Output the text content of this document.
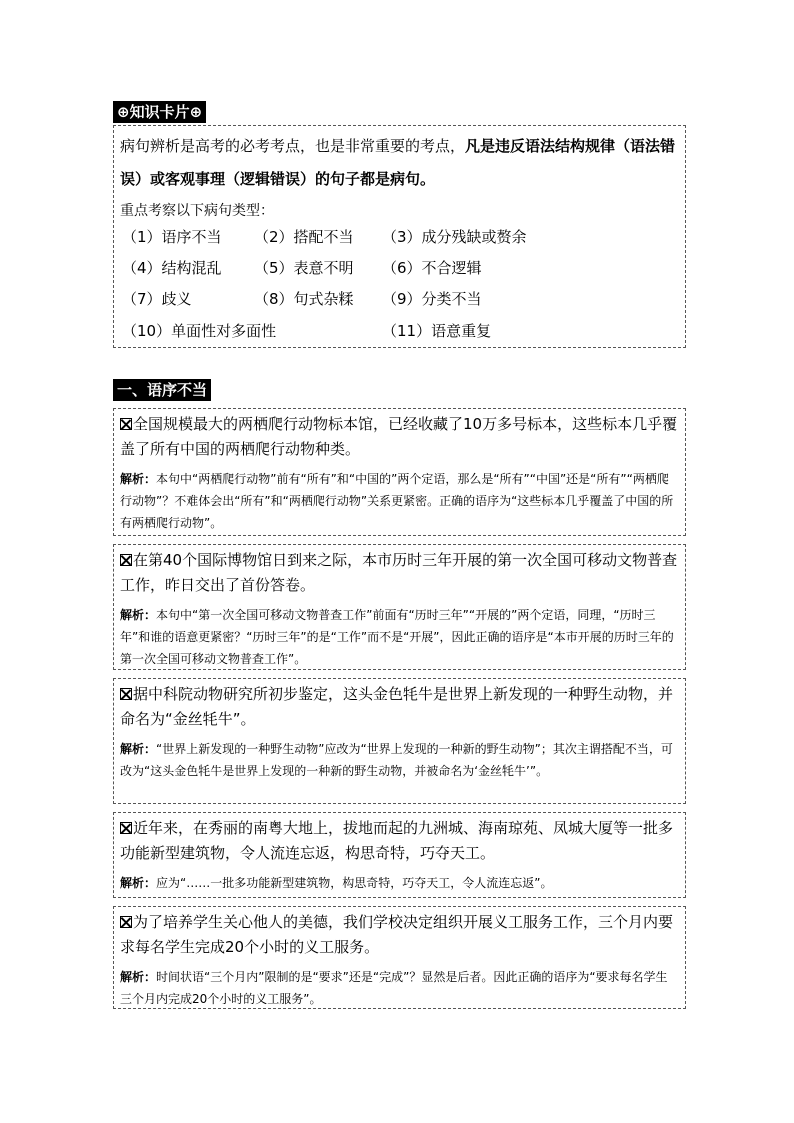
⊕知识卡片⊕
病句辨析是高考的必考考点，也是非常重要的考点，凡是违反语法结构规律（语法错误）或客观事理（逻辑错误）的句子都是病句。
重点考察以下病句类型：
（1）语序不当 （2）搭配不当 （3）成分残缺或赘余
（4）结构混乱 （5）表意不明 （6）不合逻辑
（7）歧义	（8）句式杂糅 （9）分类不当
（10）单面性对多面性	（11）语意重复
一、语序不当
全国规模最大的两栖爬行动物标本馆，已经收藏了10万多号标本，这些标本几乎覆盖了所有中国的两栖爬行动物种类。
解析：本句中“两栖爬行动物”前有“所有”和“中国的”两个定语，那么是“所有”“中国”还是“所有”“两栖爬行动物”？不难体会出“所有”和“两栖爬行动物”关系更紧密。正确的语序为“这些标本几乎覆盖了中国的所有两栖爬行动物”。
在第40个国际博物馆日到来之际，本市历时三年开展的第一次全国可移动文物普查工作，昨日交出了首份答卷。
解析：本句中“第一次全国可移动文物普查工作”前面有“历时三年”“开展的”两个定语，同理，“历时三年”和谁的语意更紧密？“历时三年”的是“工作”而不是“开展”，因此正确的语序是“本市开展的历时三年的第一次全国可移动文物普查工作”。
据中科院动物研究所初步鉴定，这头金色牦牛是世界上新发现的一种野生动物，并命名为“金丝牦牛”。
解析：“世界上新发现的一种野生动物”应改为“世界上发现的一种新的野生动物”；其次主谓搭配不当，可改为“这头金色牦牛是世界上发现的一种新的野生动物，并被命名为‘金丝牦牛’”。
近年来，在秀丽的南粤大地上，拔地而起的九洲城、海南琼苑、凤城大厦等一批多功能新型建筑物，令人流连忘返，构思奇特，巧夺天工。
解析：应为“……一批多功能新型建筑物，构思奇特，巧夺天工，令人流连忘返”。
为了培养学生关心他人的美德，我们学校决定组织开展义工服务工作，三个月内要求每名学生完成20个小时的义工服务。
解析：时间状语“三个月内”限制的是“要求”还是“完成”？显然是后者。因此正确的语序为“要求每名学生三个月内完成20个小时的义工服务”。
